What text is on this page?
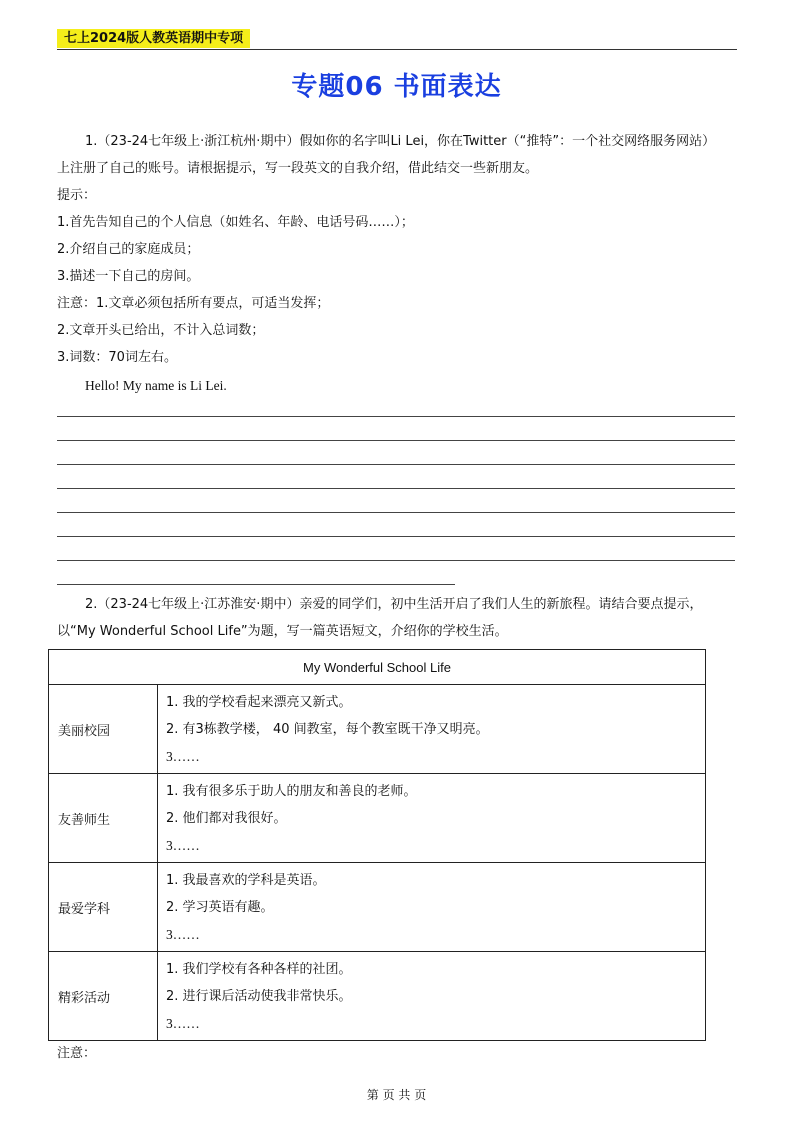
七上2024版人教英语期中专项
专题06 书面表达
1.（23-24七年级上·浙江杭州·期中）假如你的名字叫Li Lei，你在Twitter（“推特”：一个社交网络服务网站）
上注册了自己的账号。请根据提示，写一段英文的自我介绍，借此结交一些新朋友。
提示：
1.首先告知自己的个人信息（如姓名、年龄、电话号码……）；
2.介绍自己的家庭成员；
3.描述一下自己的房间。
注意：1.文章必须包括所有要点，可适当发挥；
2.文章开头已给出，不计入总词数；
3.词数：70词左右。
Hello! My name is Li Lei.
2.（23-24七年级上·江苏淮安·期中）亲爱的同学们，初中生活开启了我们人生的新旅程。请结合要点提示，
以“My Wonderful School Life”为题，写一篇英语短文，介绍你的学校生活。
My Wonderful School Life	
美丽校园	1. 我的学校看起来漂亮又新式。
2. 有3栋教学楼， 40 间教室，每个教室既干净又明亮。
3……

友善师生	1. 我有很多乐于助人的朋友和善良的老师。
2. 他们都对我很好。
3……

最爱学科	1. 我最喜欢的学科是英语。
2. 学习英语有趣。
3……

精彩活动	1. 我们学校有各种各样的社团。
2. 进行课后活动使我非常快乐。
3……
注意：
第 页 共 页
